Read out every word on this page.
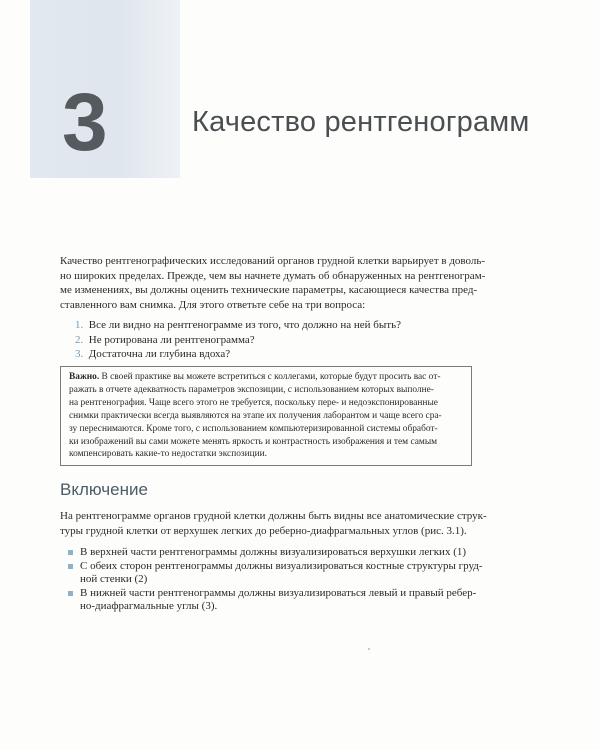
3	Качество рентгенограмм
Качество рентгенографических исследований органов грудной клетки варьирует в доволь-
но широких пределах. Прежде, чем вы начнете думать об обнаруженных на рентгенограм-
ме изменениях, вы должны оценить технические параметры, касающиеся качества пред-
ставленного вам снимка. Для этого ответьте себе на три вопроса:
1. Все ли видно на рентгенограмме из того, что должно на ней быть?
2. Не ротирована ли рентгенограмма?
3. Достаточна ли глубина вдоха?
Важно. В своей практике вы можете встретиться с коллегами, которые будут просить вас от-
ражать в отчете адекватность параметров экспозиции, с использованием которых выполне-
на рентгенография. Чаще всего этого не требуется, поскольку пере- и недоэкспонированные
снимки практически всегда выявляются на этапе их получения лаборантом и чаще всего сра-
зу переснимаются. Кроме того, с использованием компьютеризированной системы обработ-
ки изображений вы сами можете менять яркость и контрастность изображения и тем самым
компенсировать какие-то недостатки экспозиции.
Включение
На рентгенограмме органов грудной клетки должны быть видны все анатомические струк-
туры грудной клетки от верхушек легких до реберно-диафрагмальных углов (рис. 3.1).
В верхней части рентгенограммы должны визуализироваться верхушки легких (1)
С обеих сторон рентгенограммы должны визуализироваться костные структуры груд-
ной стенки (2)
В нижней части рентгенограммы должны визуализироваться левый и правый ребер-
но-диафрагмальные углы (3).
